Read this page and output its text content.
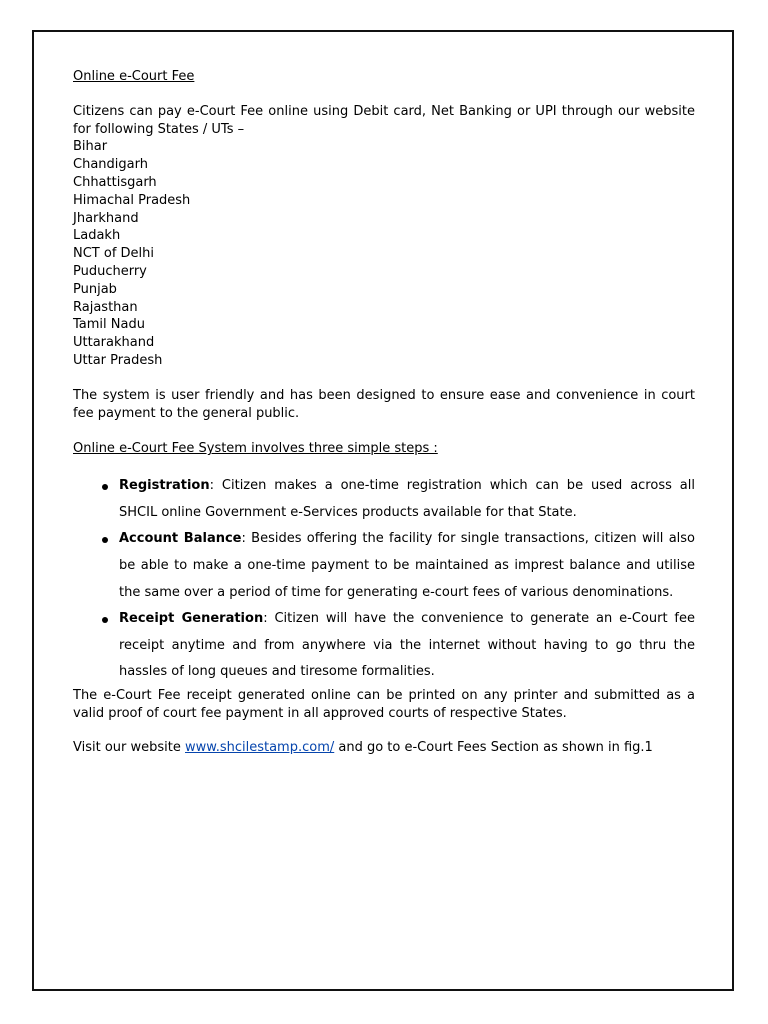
Online e-Court Fee

Citizens can pay e-Court Fee online using Debit card, Net Banking or UPI through our website for following States / UTs –

Bihar
Chandigarh
Chhattisgarh
Himachal Pradesh
Jharkhand
Ladakh
NCT of Delhi
Puducherry
Punjab
Rajasthan
Tamil Nadu
Uttarakhand
Uttar Pradesh

The system is user friendly and has been designed to ensure ease and convenience in court fee payment to the general public.

Online e-Court Fee System involves three simple steps :
Registration: Citizen makes a one-time registration which can be used across all SHCIL online Government e-Services products available for that State.
Account Balance: Besides offering the facility for single transactions, citizen will also be able to make a one-time payment to be maintained as imprest balance and utilise the same over a period of time for generating e-court fees of various denominations.
Receipt Generation: Citizen will have the convenience to generate an e-Court fee receipt anytime and from anywhere via the internet without having to go thru the hassles of long queues and tiresome formalities.

The e-Court Fee receipt generated online can be printed on any printer and submitted as a valid proof of court fee payment in all approved courts of respective States.

Visit our website www.shcilestamp.com/ and go to e-Court Fees Section as shown in fig.1
